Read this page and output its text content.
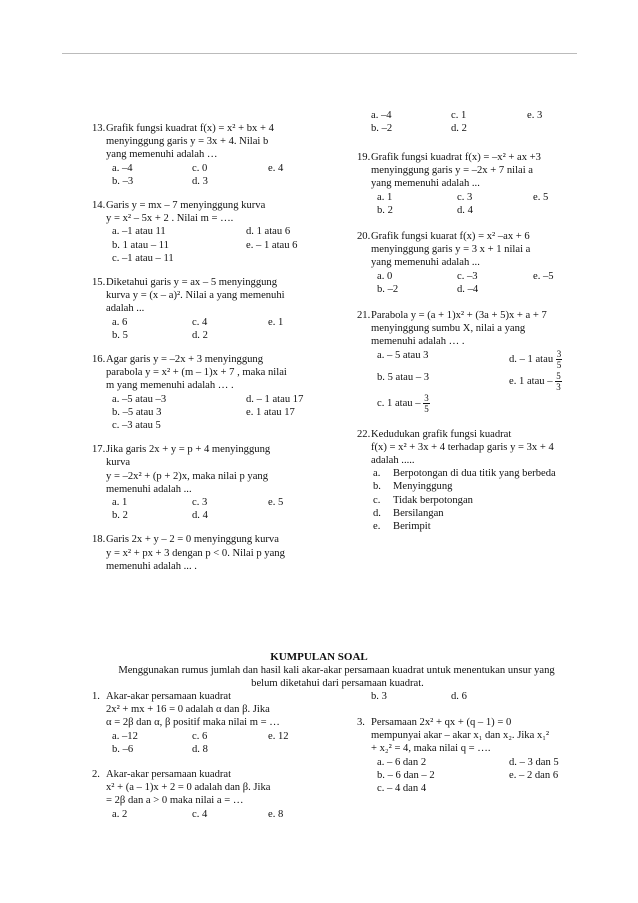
13. Grafik fungsi kuadrat f(x) = x² + bx + 4
menyinggung garis y = 3x + 4. Nilai b
yang memenuhi adalah …
a. –4	c. 0	e. 4
b. –3	d. 3
14. Garis y = mx – 7 menyinggung kurva
y = x² – 5x + 2 . Nilai m = ….
a. –1 atau 11	d. 1 atau 6
b. 1 atau – 11	e. – 1 atau 6
c. –1 atau – 11
15. Diketahui garis y = ax – 5 menyinggung
kurva y = (x – a)². Nilai a yang memenuhi
adalah ...
a. 6	c. 4	e. 1
b. 5	d. 2
16. Agar garis y = –2x + 3 menyinggung
parabola y = x² + (m – 1)x + 7 , maka nilai
m yang memenuhi adalah … .
a. –5 atau –3	d. – 1 atau 17
b. –5 atau 3	e. 1 atau 17
c. –3 atau 5
17. Jika garis 2x + y = p + 4 menyinggung
kurva
y = –2x² + (p + 2)x, maka nilai p yang
memenuhi adalah ...
a. 1	c. 3	e. 5
b. 2	d. 4
18. Garis 2x + y – 2 = 0 menyinggung kurva
y = x² + px + 3 dengan p < 0. Nilai p yang
memenuhi adalah ... .
a. –4	c. 1	e. 3
b. –2	d. 2
19. Grafik fungsi kuadrat f(x) = –x² + ax +3
menyinggung garis y = –2x + 7 nilai a
yang memenuhi adalah ...
a. 1	c. 3	e. 5
b. 2	d. 4
20. Grafik fungsi kuarat f(x) = x² –ax + 6
menyinggung garis y = 3 x + 1 nilai a
yang memenuhi adalah ...
a. 0	c. –3	e. –5
b. –2	d. –4
21. Parabola y = (a + 1)x² + (3a + 5)x + a + 7
menyinggung sumbu X, nilai a yang
memenuhi adalah … .
a. – 5 atau 3	d. – 1 atau $\frac{3}{5}$
b. 5 atau – 3	e. 1 atau – $\frac{5}{3}$
c. 1 atau – $\frac{3}{5}$
22. Kedudukan grafik fungsi kuadrat
f(x) = x² + 3x + 4 terhadap garis y = 3x + 4
adalah .....
a. Berpotongan di dua titik yang berbeda
b. Menyinggung
c. Tidak berpotongan
d. Bersilangan
e. Berimpit
KUMPULAN SOAL
Menggunakan rumus jumlah dan hasil kali akar-akar persamaan kuadrat untuk menentukan unsur yang
belum diketahui dari persamaan kuadrat.
1. Akar-akar persamaan kuadrat
2x² + mx + 16 = 0 adalah α dan β. Jika
α = 2β dan α, β positif maka nilai m = …
a. –12	c. 6	e. 12
b. –6	d. 8
2. Akar-akar persamaan kuadrat
x² + (a – 1)x + 2 = 0 adalah dan β. Jika
= 2β dan a > 0 maka nilai a = …
a. 2	c. 4	e. 8
b. 3	d. 6
3. Persamaan 2x² + qx + (q – 1) = 0
mempunyai akar – akar x₁ dan x₂. Jika x₁²
+ x₂² = 4, maka nilai q = ….
a. – 6 dan 2	d. – 3 dan 5
b. – 6 dan – 2	e. – 2 dan 6
c. – 4 dan 4
